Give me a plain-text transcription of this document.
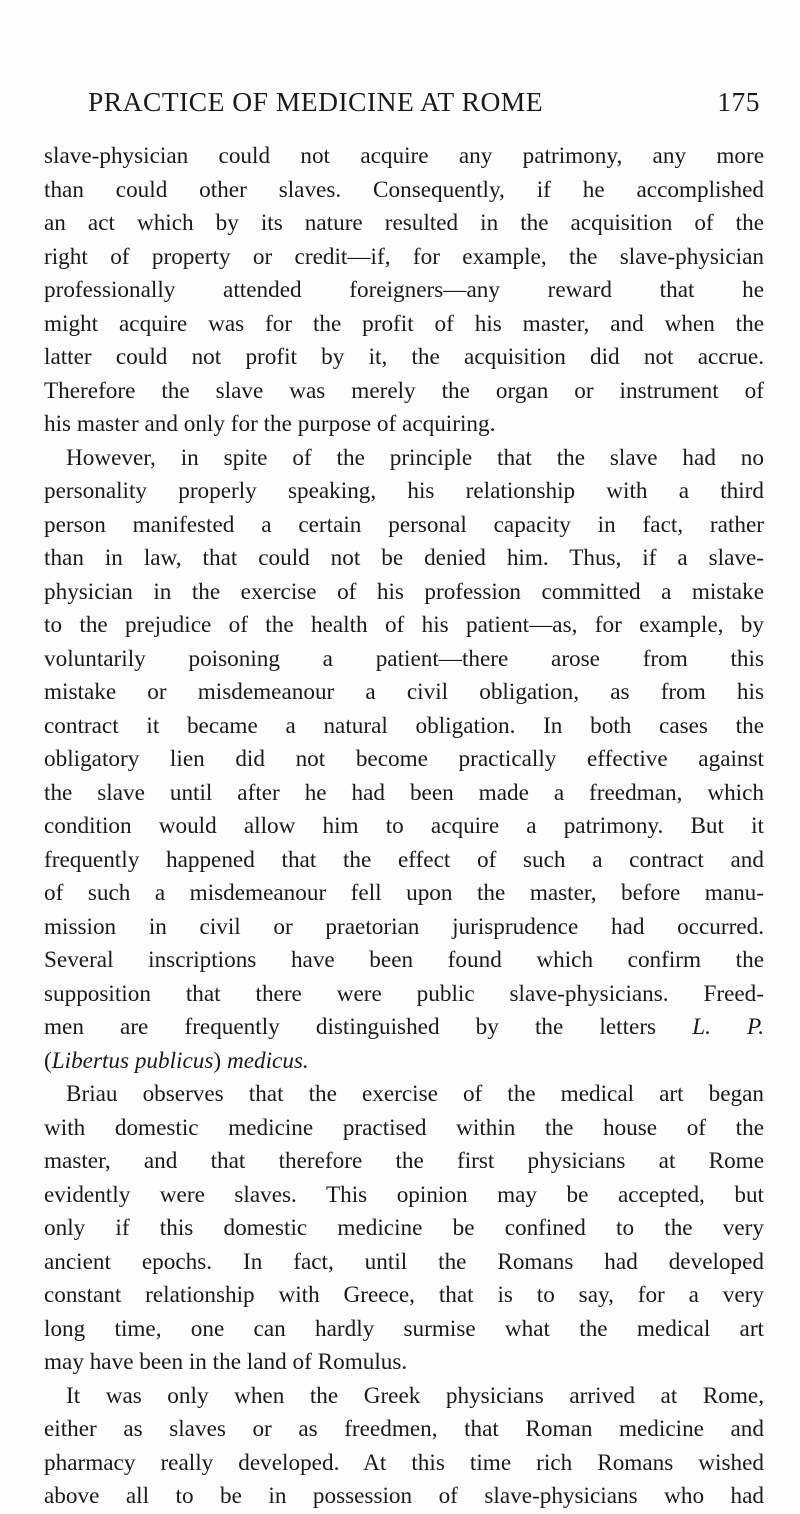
PRACTICE OF MEDICINE AT ROME	175
slave-physician could not acquire any patrimony, any more
than could other slaves. Consequently, if he accomplished
an act which by its nature resulted in the acquisition of the
right of property or credit—if, for example, the slave-physician
professionally attended foreigners—any reward that he
might acquire was for the profit of his master, and when the
latter could not profit by it, the acquisition did not accrue.
Therefore the slave was merely the organ or instrument of
his master and only for the purpose of acquiring.
However, in spite of the principle that the slave had no
personality properly speaking, his relationship with a third
person manifested a certain personal capacity in fact, rather
than in law, that could not be denied him. Thus, if a slave-
physician in the exercise of his profession committed a mistake
to the prejudice of the health of his patient—as, for example, by
voluntarily poisoning a patient—there arose from this
mistake or misdemeanour a civil obligation, as from his
contract it became a natural obligation. In both cases the
obligatory lien did not become practically effective against
the slave until after he had been made a freedman, which
condition would allow him to acquire a patrimony. But it
frequently happened that the effect of such a contract and
of such a misdemeanour fell upon the master, before manu-
mission in civil or praetorian jurisprudence had occurred.
Several inscriptions have been found which confirm the
supposition that there were public slave-physicians. Freed-
men are frequently distinguished by the letters L. P.
(Libertus publicus) medicus.
Briau observes that the exercise of the medical art began
with domestic medicine practised within the house of the
master, and that therefore the first physicians at Rome
evidently were slaves. This opinion may be accepted, but
only if this domestic medicine be confined to the very
ancient epochs. In fact, until the Romans had developed
constant relationship with Greece, that is to say, for a very
long time, one can hardly surmise what the medical art
may have been in the land of Romulus.
It was only when the Greek physicians arrived at Rome,
either as slaves or as freedmen, that Roman medicine and
pharmacy really developed. At this time rich Romans wished
above all to be in possession of slave-physicians who had
